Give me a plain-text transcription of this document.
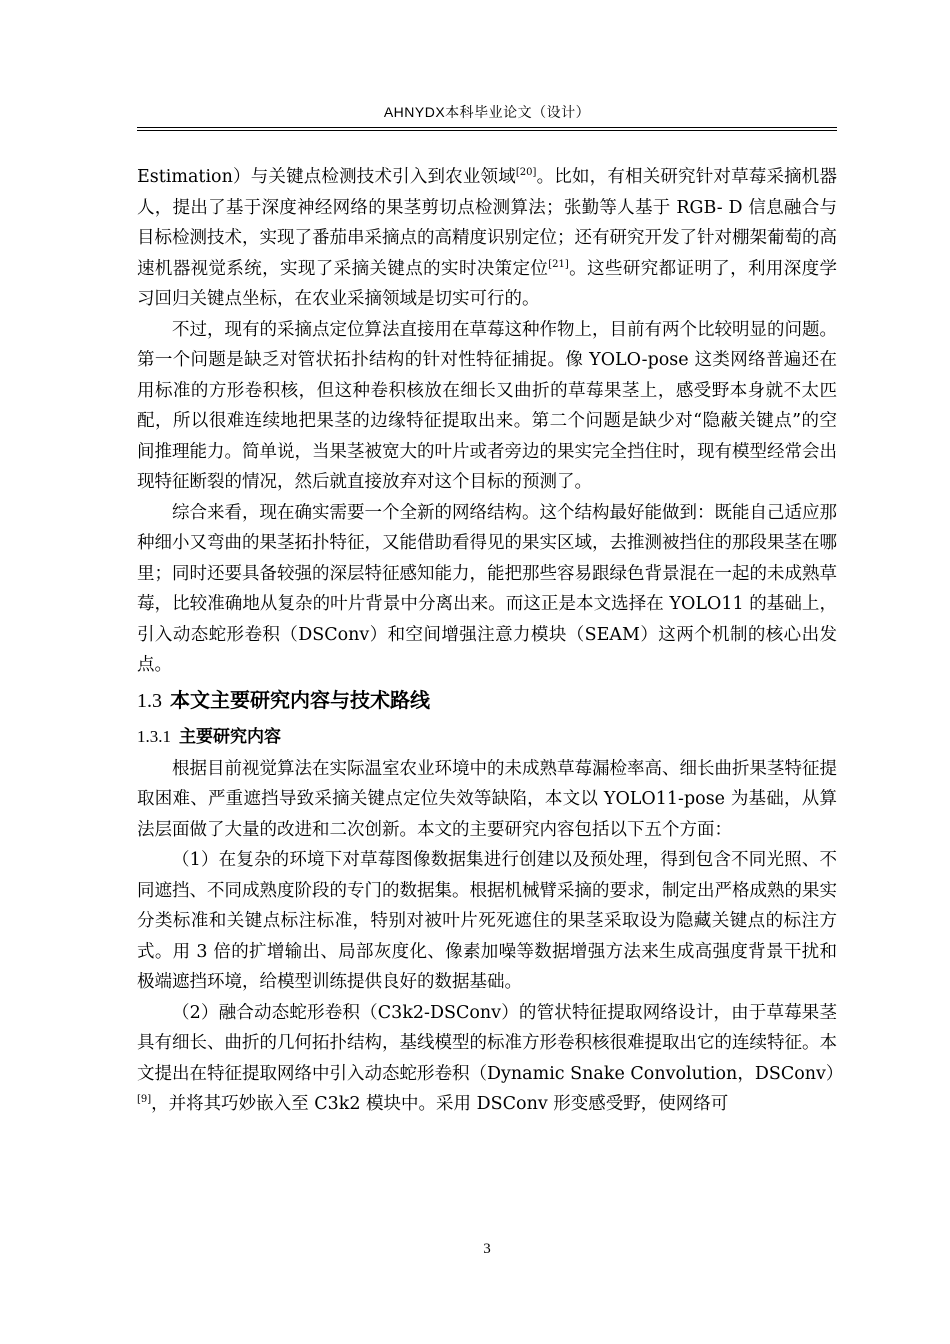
AHNYDX本科毕业论文（设计）

Estimation）与关键点检测技术引入到农业领域[20]。比如，有相关研究针对草莓采摘机器人，提出了基于深度神经网络的果茎剪切点检测算法；张勤等人基于 RGB- D 信息融合与目标检测技术，实现了番茄串采摘点的高精度识别定位；还有研究开发了针对棚架葡萄的高速机器视觉系统，实现了采摘关键点的实时决策定位[21]。这些研究都证明了，利用深度学习回归关键点坐标，在农业采摘领域是切实可行的。

不过，现有的采摘点定位算法直接用在草莓这种作物上，目前有两个比较明显的问题。第一个问题是缺乏对管状拓扑结构的针对性特征捕捉。像 YOLO-pose 这类网络普遍还在用标准的方形卷积核，但这种卷积核放在细长又曲折的草莓果茎上，感受野本身就不太匹配，所以很难连续地把果茎的边缘特征提取出来。第二个问题是缺少对“隐蔽关键点”的空间推理能力。简单说，当果茎被宽大的叶片或者旁边的果实完全挡住时，现有模型经常会出现特征断裂的情况，然后就直接放弃对这个目标的预测了。

综合来看，现在确实需要一个全新的网络结构。这个结构最好能做到：既能自己适应那种细小又弯曲的果茎拓扑特征，又能借助看得见的果实区域，去推测被挡住的那段果茎在哪里；同时还要具备较强的深层特征感知能力，能把那些容易跟绿色背景混在一起的未成熟草莓，比较准确地从复杂的叶片背景中分离出来。而这正是本文选择在 YOLO11 的基础上，引入动态蛇形卷积（DSConv）和空间增强注意力模块（SEAM）这两个机制的核心出发点。

1.3 本文主要研究内容与技术路线

1.3.1 主要研究内容

根据目前视觉算法在实际温室农业环境中的未成熟草莓漏检率高、细长曲折果茎特征提取困难、严重遮挡导致采摘关键点定位失效等缺陷，本文以 YOLO11-pose 为基础，从算法层面做了大量的改进和二次创新。本文的主要研究内容包括以下五个方面：

（1）在复杂的环境下对草莓图像数据集进行创建以及预处理，得到包含不同光照、不同遮挡、不同成熟度阶段的专门的数据集。根据机械臂采摘的要求，制定出严格成熟的果实分类标准和关键点标注标准，特别对被叶片死死遮住的果茎采取设为隐藏关键点的标注方式。用 3 倍的扩增输出、局部灰度化、像素加噪等数据增强方法来生成高强度背景干扰和极端遮挡环境，给模型训练提供良好的数据基础。

（2）融合动态蛇形卷积（C3k2-DSConv）的管状特征提取网络设计，由于草莓果茎具有细长、曲折的几何拓扑结构，基线模型的标准方形卷积核很难提取出它的连续特征。本文提出在特征提取网络中引入动态蛇形卷积（Dynamic Snake Convolution，DSConv）[9]，并将其巧妙嵌入至 C3k2 模块中。采用 DSConv 形变感受野，使网络可

3
